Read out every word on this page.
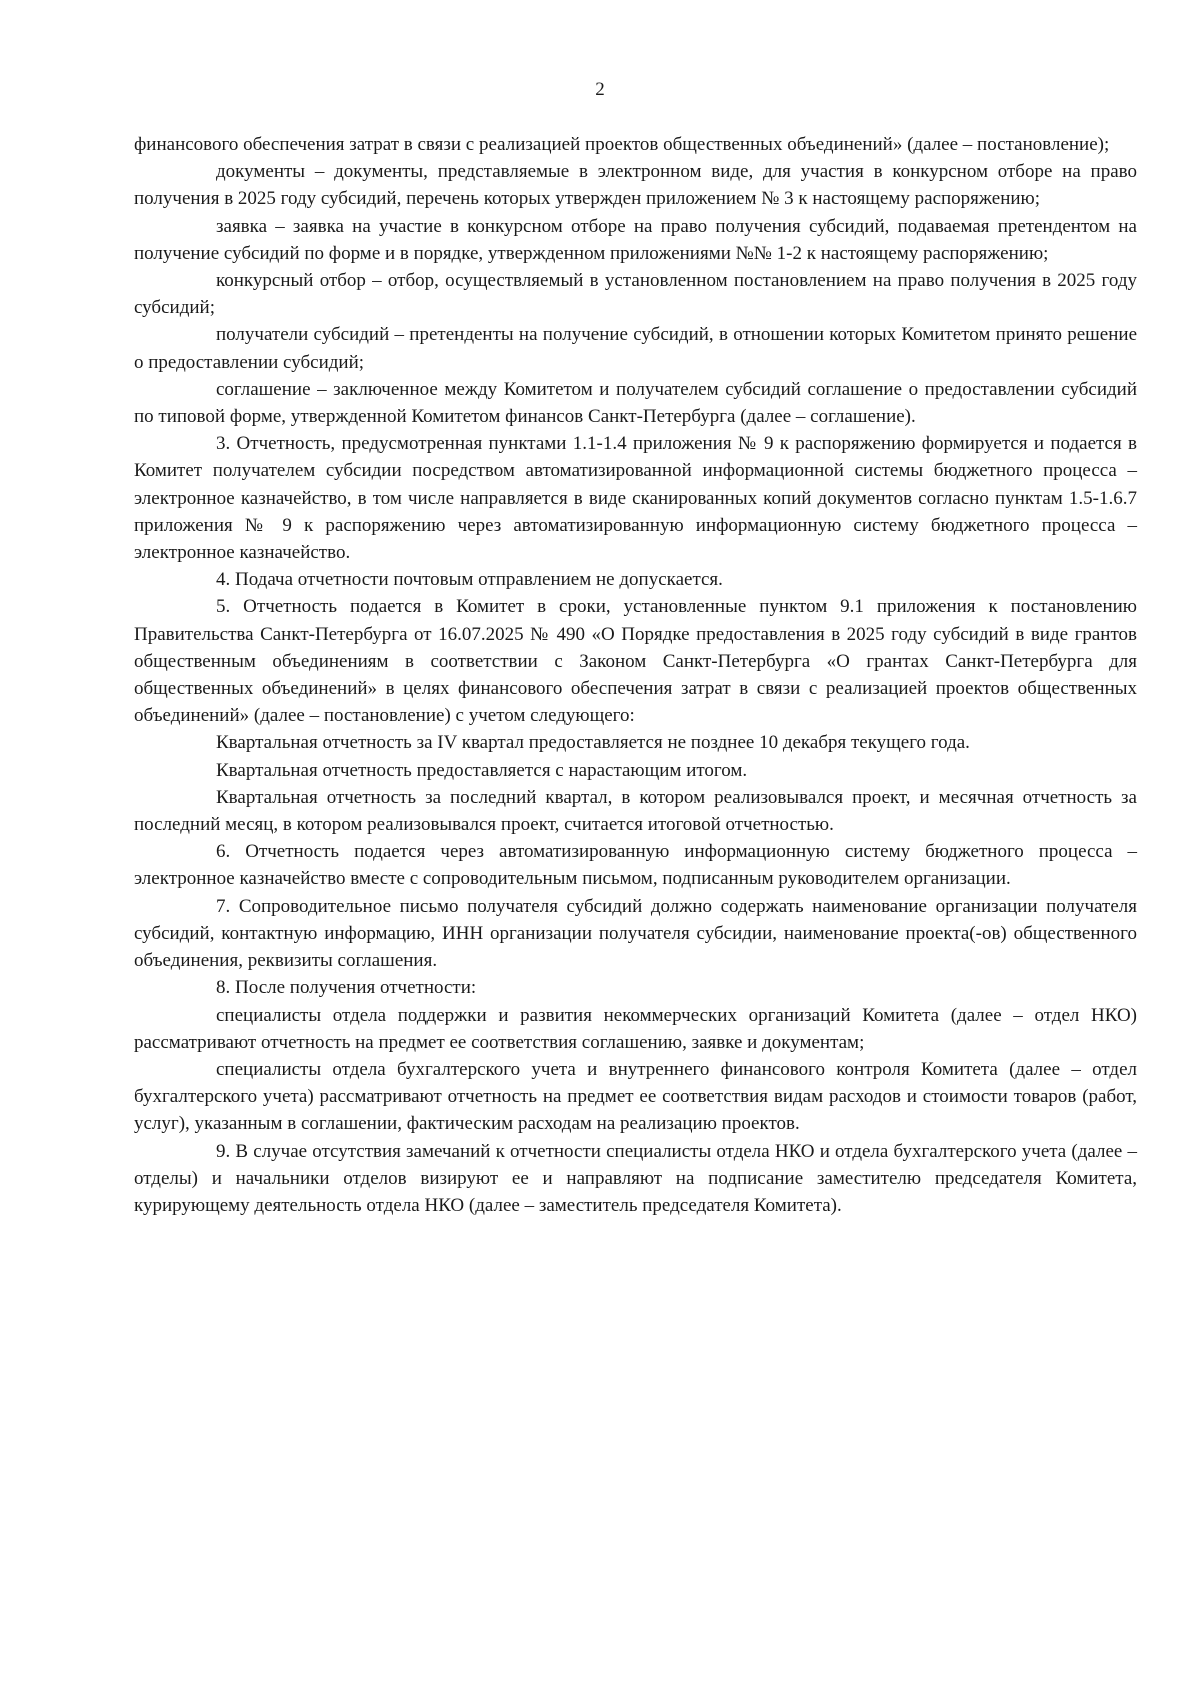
2

финансового обеспечения затрат в связи с реализацией проектов общественных объединений» (далее – постановление);

документы – документы, представляемые в электронном виде, для участия в конкурсном отборе на право получения в 2025 году субсидий, перечень которых утвержден приложением № 3 к настоящему распоряжению;

заявка – заявка на участие в конкурсном отборе на право получения субсидий, подаваемая претендентом на получение субсидий по форме и в порядке, утвержденном приложениями №№ 1-2 к настоящему распоряжению;

конкурсный отбор – отбор, осуществляемый в установленном постановлением на право получения в 2025 году субсидий;

получатели субсидий – претенденты на получение субсидий, в отношении которых Комитетом принято решение о предоставлении субсидий;

соглашение – заключенное между Комитетом и получателем субсидий соглашение о предоставлении субсидий по типовой форме, утвержденной Комитетом финансов Санкт-Петербурга (далее – соглашение).

3. Отчетность, предусмотренная пунктами 1.1-1.4 приложения № 9 к распоряжению формируется и подается в Комитет получателем субсидии посредством автоматизированной информационной системы бюджетного процесса – электронное казначейство, в том числе направляется в виде сканированных копий документов согласно пунктам 1.5-1.6.7 приложения № 9 к распоряжению через автоматизированную информационную систему бюджетного процесса – электронное казначейство.

4. Подача отчетности почтовым отправлением не допускается.

5. Отчетность подается в Комитет в сроки, установленные пунктом 9.1 приложения к постановлению Правительства Санкт-Петербурга от 16.07.2025 № 490 «О Порядке предоставления в 2025 году субсидий в виде грантов общественным объединениям в соответствии с Законом Санкт-Петербурга «О грантах Санкт-Петербурга для общественных объединений» в целях финансового обеспечения затрат в связи с реализацией проектов общественных объединений» (далее – постановление) с учетом следующего:

Квартальная отчетность за IV квартал предоставляется не позднее 10 декабря текущего года.

Квартальная отчетность предоставляется с нарастающим итогом.

Квартальная отчетность за последний квартал, в котором реализовывался проект, и месячная отчетность за последний месяц, в котором реализовывался проект, считается итоговой отчетностью.

6. Отчетность подается через автоматизированную информационную систему бюджетного процесса – электронное казначейство вместе с сопроводительным письмом, подписанным руководителем организации.

7. Сопроводительное письмо получателя субсидий должно содержать наименование организации получателя субсидий, контактную информацию, ИНН организации получателя субсидии, наименование проекта(-ов) общественного объединения, реквизиты соглашения.

8. После получения отчетности:

специалисты отдела поддержки и развития некоммерческих организаций Комитета (далее – отдел НКО) рассматривают отчетность на предмет ее соответствия соглашению, заявке и документам;

специалисты отдела бухгалтерского учета и внутреннего финансового контроля Комитета (далее – отдел бухгалтерского учета) рассматривают отчетность на предмет ее соответствия видам расходов и стоимости товаров (работ, услуг), указанным в соглашении, фактическим расходам на реализацию проектов.

9. В случае отсутствия замечаний к отчетности специалисты отдела НКО и отдела бухгалтерского учета (далее – отделы) и начальники отделов визируют ее и направляют на подписание заместителю председателя Комитета, курирующему деятельность отдела НКО (далее – заместитель председателя Комитета).
